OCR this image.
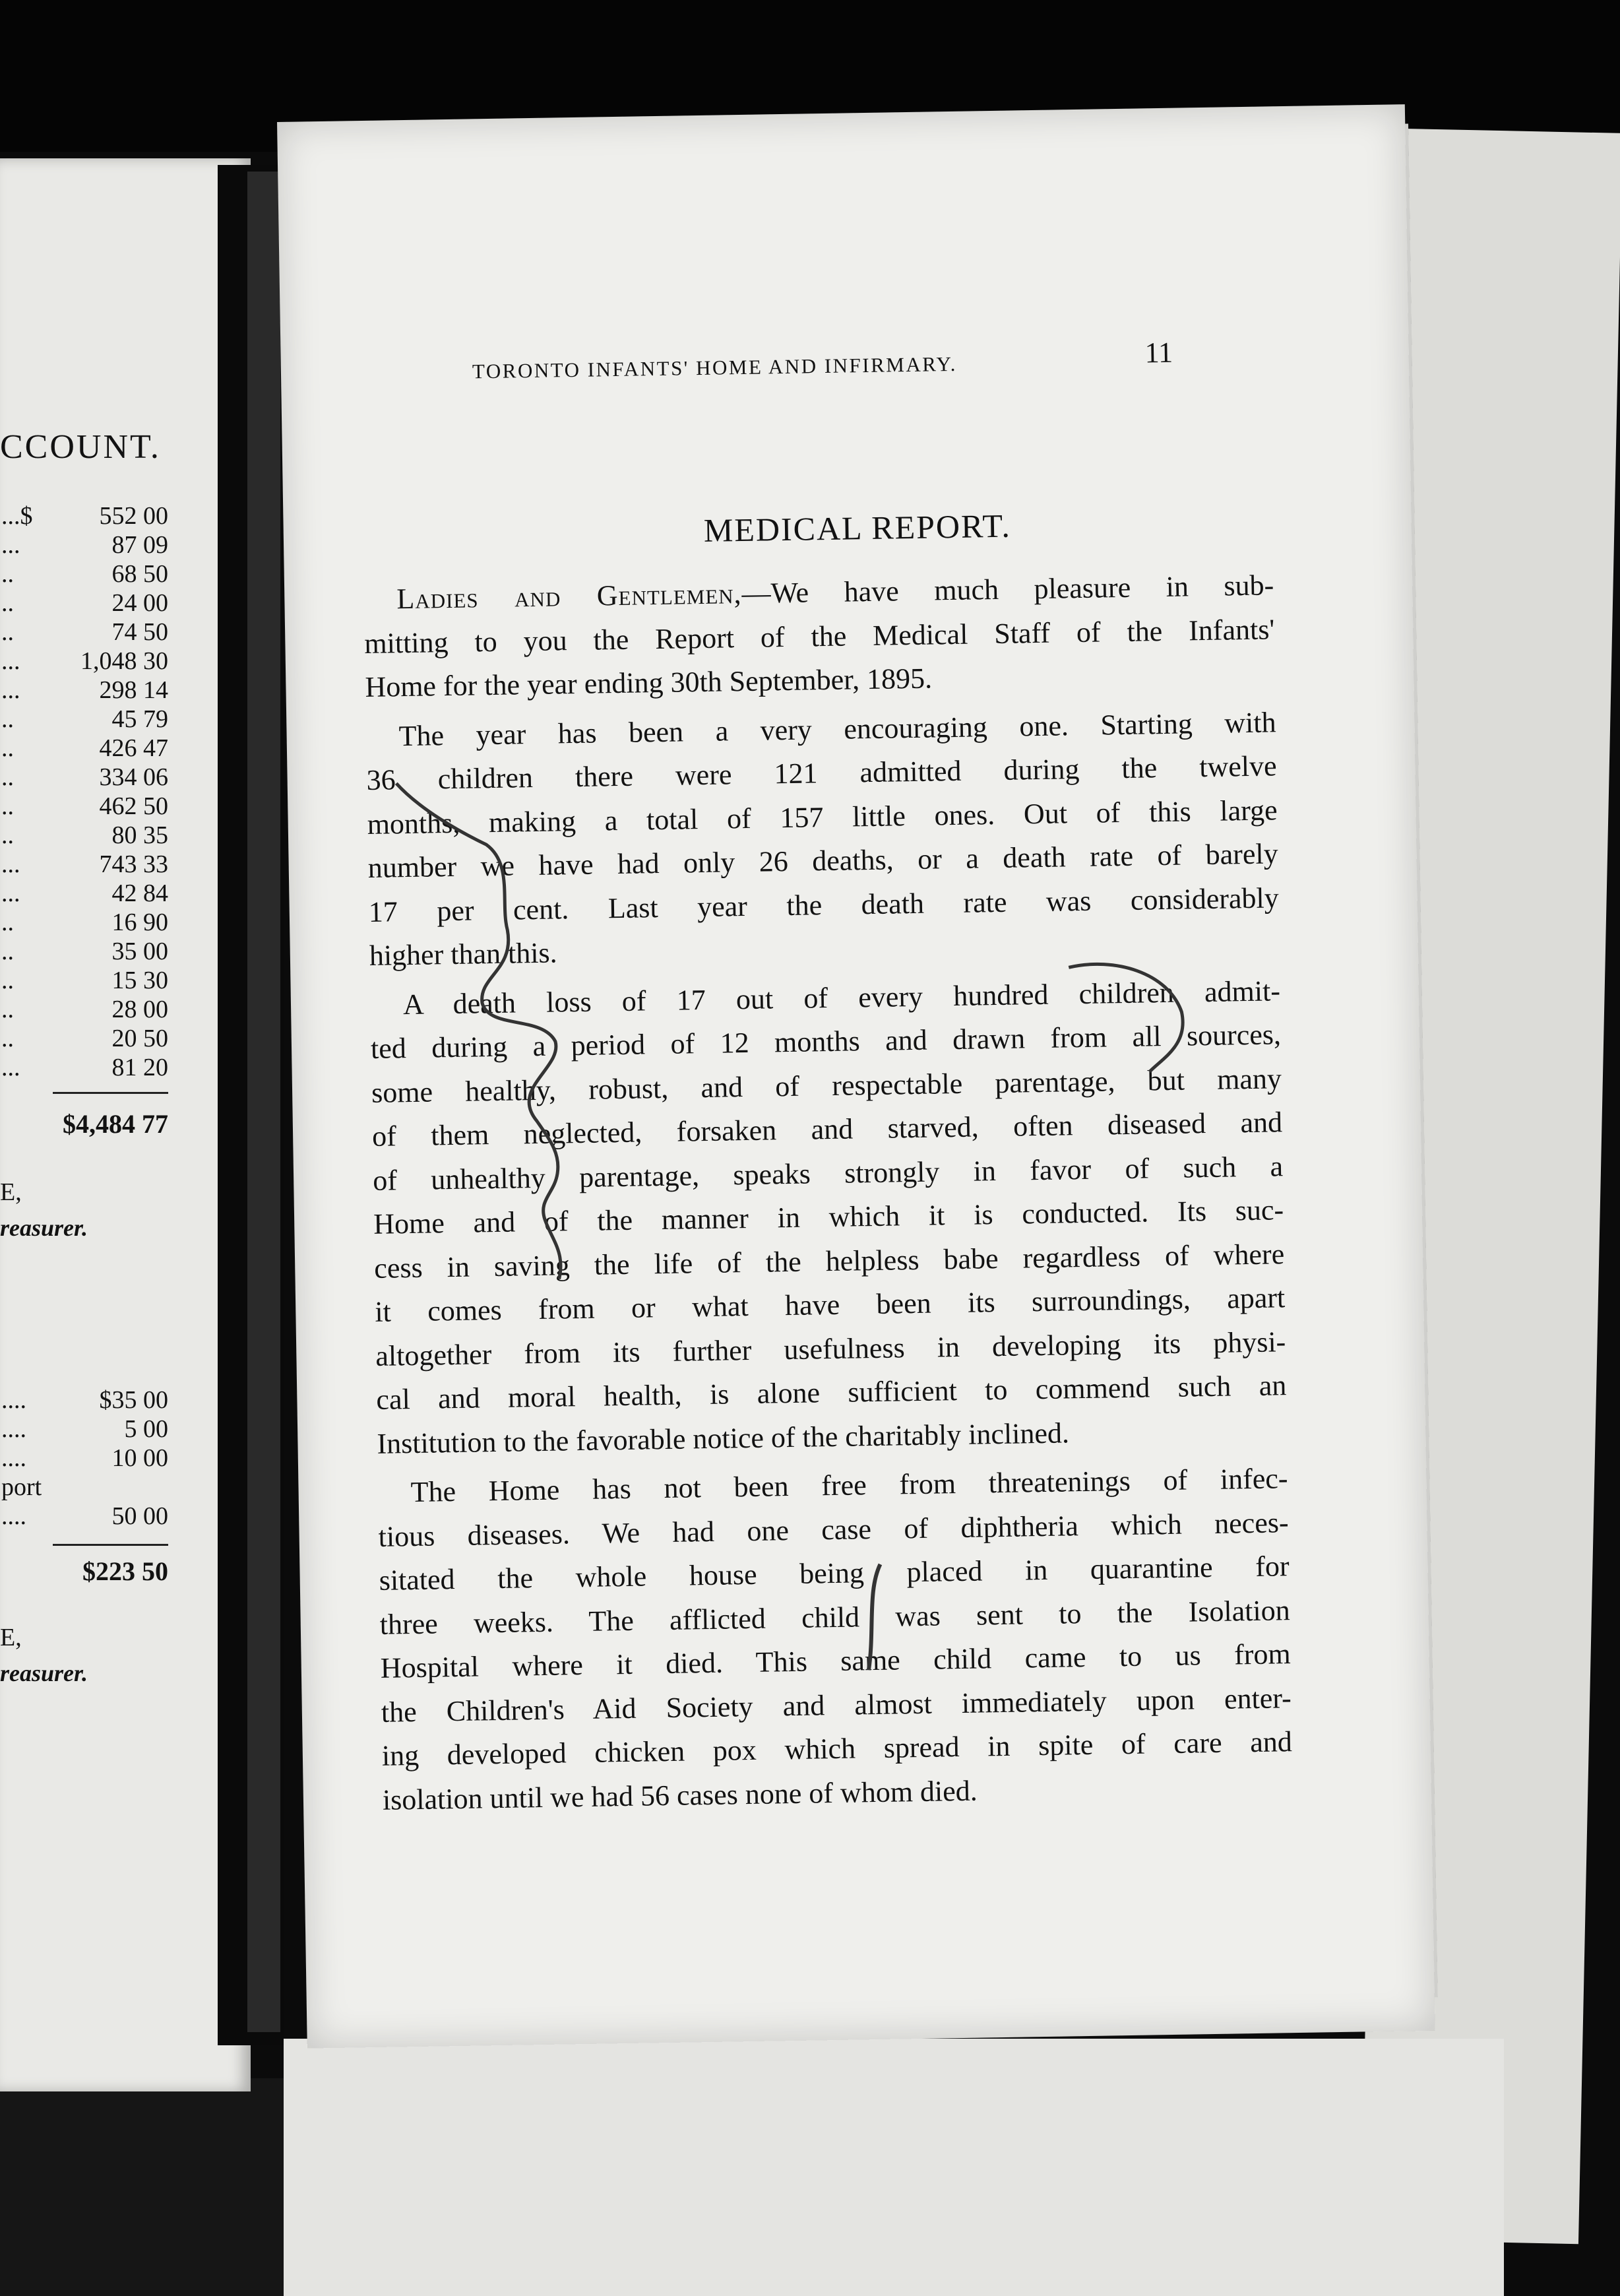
CCOUNT.
...$	552 00
...	87 09
..	68 50
..	24 00
..	74 50
... 1,048 30
...	298 14
..	45 79
..	426 47
..	334 06
..	462 50
..	80 35
...	743 33
...	42 84
..	16 90
..	35 00
..	15 30
..	28 00
..	20 50
...	81 20
$4,484 77
E,
reasurer.
....	$35 00
....	5 00
....	10 00
port
....	50 00
$223 50
E,
reasurer.
TORONTO INFANTS' HOME AND INFIRMARY.	11
MEDICAL REPORT.
Ladies and Gentlemen,—We have much pleasure in sub-
mitting to you the Report of the Medical Staff of the Infants'
Home for the year ending 30th September, 1895.
The year has been a very encouraging one. Starting with
36 children there were 121 admitted during the twelve
months, making a total of 157 little ones. Out of this large
number we have had only 26 deaths, or a death rate of barely
17 per cent. Last year the death rate was considerably
higher than this.
A death loss of 17 out of every hundred children admit-
ted during a period of 12 months and drawn from all sources,
some healthy, robust, and of respectable parentage, but many
of them neglected, forsaken and starved, often diseased and
of unhealthy parentage, speaks strongly in favor of such a
Home and of the manner in which it is conducted. Its suc-
cess in saving the life of the helpless babe regardless of where
it comes from or what have been its surroundings, apart
altogether from its further usefulness in developing its physi-
cal and moral health, is alone sufficient to commend such an
Institution to the favorable notice of the charitably inclined.
The Home has not been free from threatenings of infec-
tious diseases. We had one case of diphtheria which neces-
sitated the whole house being placed in quarantine for
three weeks. The afflicted child was sent to the Isolation
Hospital where it died. This same child came to us from
the Children's Aid Society and almost immediately upon enter-
ing developed chicken pox which spread in spite of care and
isolation until we had 56 cases none of whom died.
